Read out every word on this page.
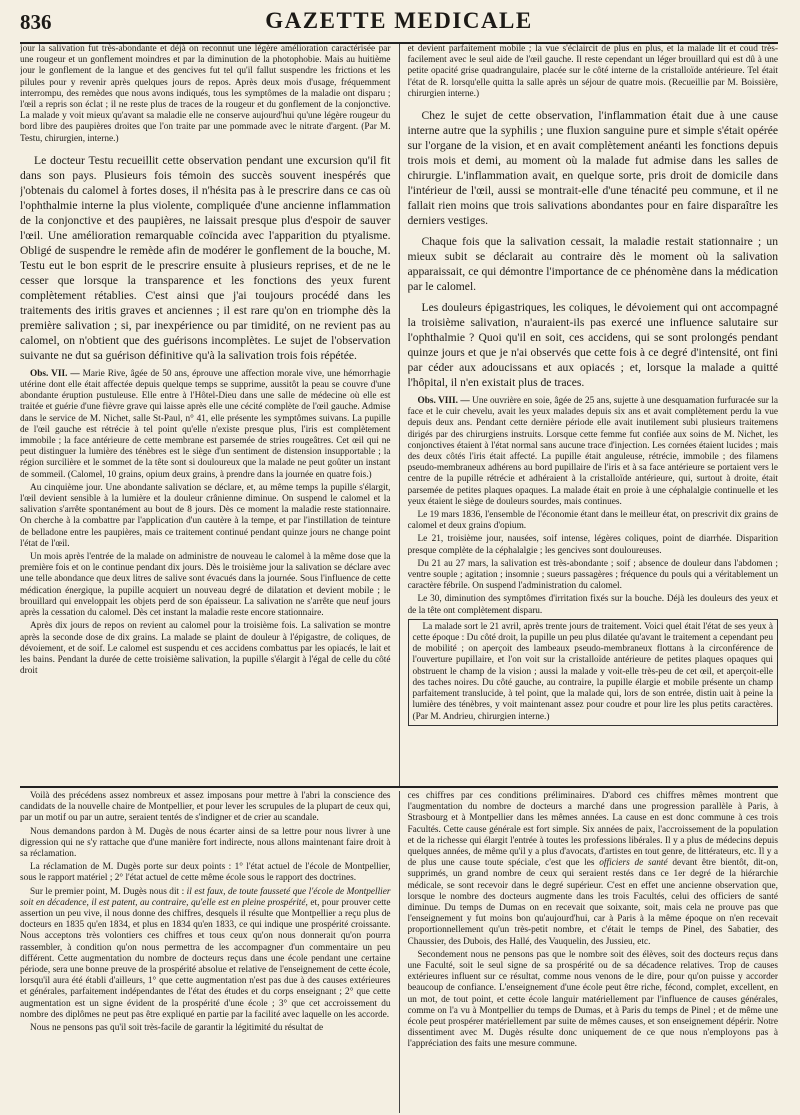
836	GAZETTE MEDICALE

jour la salivation fut très-abondante et déjà on reconnut une légère amélioration caractérisée par une rougeur et un gonflement moindres et par la diminution de la photophobie. Mais au huitième jour le gonflement de la langue et des gencives fut tel qu'il fallut suspendre les frictions et les pilules pour y revenir après quelques jours de repos. Après deux mois d'usage, fréquemment interrompu, des remèdes que nous avons indiqués, tous les symptômes de la maladie ont disparu ; l'œil a repris son éclat ; il ne reste plus de traces de la rougeur et du gonflement de la conjonctive. La malade y voit mieux qu'avant sa maladie elle ne conserve aujourd'hui qu'une légère rougeur du bord libre des paupières droites que l'on traite par une pommade avec le nitrate d'argent. (Par M. Testu, chirurgien, interne.)

Le docteur Testu recueillit cette observation pendant une excursion qu'il fit dans son pays. Plusieurs fois témoin des succès souvent inespérés que j'obtenais du calomel à fortes doses, il n'hésita pas à le prescrire dans ce cas où l'ophthalmie interne la plus violente, compliquée d'une ancienne inflammation de la conjonctive et des paupières, ne laissait presque plus d'espoir de sauver l'œil. Une amélioration remarquable coïncida avec l'apparition du ptyalisme. Obligé de suspendre le remède afin de modérer le gonflement de la bouche, M. Testu eut le bon esprit de le prescrire ensuite à plusieurs reprises, et de ne le cesser que lorsque la transparence et les fonctions des yeux furent complètement rétablies. C'est ainsi que j'ai toujours procédé dans les traitements des iritis graves et anciennes ; il est rare qu'on en triomphe dès la première salivation ; si, par inexpérience ou par timidité, on ne revient pas au calomel, on n'obtient que des guérisons incomplètes. Le sujet de l'observation suivante ne dut sa guérison définitive qu'à la salivation trois fois répétée.

Obs. VII. — Marie Rive, âgée de 50 ans, éprouve une affection morale vive, une hémorrhagie utérine dont elle était affectée depuis quelque temps se supprime, aussitôt la peau se couvre d'une abondante éruption pustuleuse. Elle entre à l'Hôtel-Dieu dans une salle de médecine où elle est traitée et guérie d'une fièvre grave qui laisse après elle une cécité complète de l'œil gauche. Admise dans le service de M. Nichet, salle St-Paul, n° 41, elle présente les symptômes suivans. La pupille de l'œil gauche est rétrécie à tel point qu'elle n'existe presque plus, l'iris est complètement immobile ; la face antérieure de cette membrane est parsemée de stries rougeâtres. Cet œil qui ne peut distinguer la lumière des ténèbres est le siège d'un sentiment de distension insupportable ; la région surcilière et le sommet de la tête sont si douloureux que la malade ne peut goûter un instant de sommeil. (Calomel, 10 grains, opium deux grains, à prendre dans la journée en quatre fois.)

Au cinquième jour. Une abondante salivation se déclare, et, au même temps la pupille s'élargit, l'œil devient sensible à la lumière et la douleur crânienne diminue. On suspend le calomel et la salivation s'arrête spontanément au bout de 8 jours. Dès ce moment la maladie reste stationnaire. On cherche à la combattre par l'application d'un cautère à la tempe, et par l'instillation de teinture de belladone entre les paupières, mais ce traitement continué pendant quinze jours ne change point l'état de l'œil.

Un mois après l'entrée de la malade on administre de nouveau le calomel à la même dose que la première fois et on le continue pendant dix jours. Dès le troisième jour la salivation se déclare avec une telle abondance que deux litres de salive sont évacués dans la journée. Sous l'influence de cette médication énergique, la pupille acquiert un nouveau degré de dilatation et devient mobile ; le brouillard qui enveloppait les objets perd de son épaisseur. La salivation ne s'arrête que neuf jours après la cessation du calomel. Dès cet instant la maladie reste encore stationnaire.

Après dix jours de repos on revient au calomel pour la troisième fois. La salivation se montre après la seconde dose de dix grains. La malade se plaint de douleur à l'épigastre, de coliques, de dévoiement, et de soif. Le calomel est suspendu et ces accidens combattus par les opiacés, le lait et les bains. Pendant la durée de cette troisième salivation, la pupille s'élargit à l'égal de celle du côté droit

et devient parfaitement mobile ; la vue s'éclaircit de plus en plus, et la malade lit et coud très-facilement avec le seul aide de l'œil gauche. Il reste cependant un léger brouillard qui est dû à une petite opacité grise quadrangulaire, placée sur le côté interne de la cristalloïde antérieure. Tel était l'état de R. lorsqu'elle quitta la salle après un séjour de quatre mois. (Recueillie par M. Boissière, chirurgien interne.)

Chez le sujet de cette observation, l'inflammation était due à une cause interne autre que la syphilis ; une fluxion sanguine pure et simple s'était opérée sur l'organe de la vision, et en avait complètement anéanti les fonctions depuis trois mois et demi, au moment où la malade fut admise dans les salles de chirurgie. L'inflammation avait, en quelque sorte, pris droit de domicile dans l'intérieur de l'œil, aussi se montrait-elle d'une ténacité peu commune, et il ne fallait rien moins que trois salivations abondantes pour en faire disparaître les derniers vestiges.

Chaque fois que la salivation cessait, la maladie restait stationnaire ; un mieux subit se déclarait au contraire dès le moment où la salivation apparaissait, ce qui démontre l'importance de ce phénomène dans la médication par le calomel.

Les douleurs épigastriques, les coliques, le dévoiement qui ont accompagné la troisième salivation, n'auraient-ils pas exercé une influence salutaire sur l'ophthalmie ? Quoi qu'il en soit, ces accidens, qui se sont prolongés pendant quinze jours et que je n'ai observés que cette fois à ce degré d'intensité, ont fini par céder aux adoucissans et aux opiacés ; et, lorsque la malade a quitté l'hôpital, il n'en existait plus de traces.

Obs. VIII. — Une ouvrière en soie, âgée de 25 ans, sujette à une desquamation furfuracée sur la face et le cuir chevelu, avait les yeux malades depuis six ans et avait complètement perdu la vue depuis deux ans. Pendant cette dernière période elle avait inutilement subi plusieurs traitemens dirigés par des chirurgiens instruits. Lorsque cette femme fut confiée aux soins de M. Nichet, les conjonctives étaient à l'état normal sans aucune trace d'injection. Les cornées étaient lucides ; mais des deux côtés l'iris était affecté. La pupille était anguleuse, rétrécie, immobile ; des filamens pseudo-membraneux adhérens au bord pupillaire de l'iris et à sa face antérieure se portaient vers le centre de la pupille rétrécie et adhéraient à la cristalloïde antérieure, qui, surtout à droite, était parsemée de petites plaques opaques. La malade était en proie à une céphalalgie continuelle et les yeux étaient le siège de douleurs sourdes, mais continues.

Le 19 mars 1836, l'ensemble de l'économie étant dans le meilleur état, on prescrivit dix grains de calomel et deux grains d'opium.

Le 21, troisième jour, nausées, soif intense, légères coliques, point de diarrhée. Disparition presque complète de la céphalalgie ; les gencives sont douloureuses.

Du 21 au 27 mars, la salivation est très-abondante ; soif ; absence de douleur dans l'abdomen ; ventre souple ; agitation ; insomnie ; sueurs passagères ; fréquence du pouls qui a véritablement un caractère fébrile. On suspend l'administration du calomel.

Le 30, diminution des symptômes d'irritation fixés sur la bouche. Déjà les douleurs des yeux et de la tête ont complètement disparu.

La malade sort le 21 avril, après trente jours de traitement. Voici quel était l'état de ses yeux à cette époque : Du côté droit, la pupille un peu plus dilatée qu'avant le traitement a cependant peu de mobilité ; on aperçoit des lambeaux pseudo-membraneux flottans à la circonférence de l'ouverture pupillaire, et l'on voit sur la cristalloïde antérieure de petites plaques opaques qui obstruent le champ de la vision ; aussi la malade y voit-elle très-peu de cet œil, et aperçoit-elle des taches noires. Du côté gauche, au contraire, la pupille élargie et mobile présente un champ parfaitement translucide, à tel point, que la malade qui, lors de son entrée, distin uait à peine la lumière des ténèbres, y voit maintenant assez pour coudre et pour lire les plus petits caractères. (Par M. Andrieu, chirurgien interne.)

Voilà des précédens assez nombreux et assez imposans pour mettre à l'abri la conscience des candidats de la nouvelle chaire de Montpellier, et pour lever les scrupules de la plupart de ceux qui, par un motif ou par un autre, seraient tentés de s'indigner et de crier au scandale.

Nous demandons pardon à M. Dugès de nous écarter ainsi de sa lettre pour nous livrer à une digression qui ne s'y rattache que d'une manière fort indirecte, nous allons maintenant faire droit à sa réclamation.

La réclamation de M. Dugès porte sur deux points : 1° l'état actuel de l'école de Montpellier, sous le rapport matériel ; 2° l'état actuel de cette même école sous le rapport des doctrines.

Sur le premier point, M. Dugès nous dit : il est faux, de toute fausseté que l'école de Montpellier soit en décadence, il est patent, au contraire, qu'elle est en pleine prospérité, et, pour prouver cette assertion un peu vive, il nous donne des chiffres, desquels il résulte que Montpellier a reçu plus de docteurs en 1835 qu'en 1834, et plus en 1834 qu'en 1833, ce qui indique une prospérité croissante. Nous acceptons très volontiers ces chiffres et tous ceux qu'on nous donnerait qu'on pourra rassembler, à condition qu'on nous permettra de les accompagner d'un commentaire un peu différent. Cette augmentation du nombre de docteurs reçus dans une école pendant une certaine période, sera une bonne preuve de la prospérité absolue et relative de l'enseignement de cette école, lorsqu'il aura été établi d'ailleurs, 1° que cette augmentation n'est pas due à des causes extérieures et générales, parfaitement indépendantes de l'état des études et du corps enseignant ; 2° que cette augmentation est un signe évident de la prospérité d'une école ; 3° que cet accroissement du nombre des diplômes ne peut pas être expliqué en partie par la facilité avec laquelle on les accorde.

Nous ne pensons pas qu'il soit très-facile de garantir la légitimité du résultat de

ces chiffres par ces conditions préliminaires. D'abord ces chiffres mêmes montrent que l'augmentation du nombre de docteurs a marché dans une progression parallèle à Paris, à Strasbourg et à Montpellier dans les mêmes années. La cause en est donc commune à ces trois Facultés. Cette cause générale est fort simple. Six années de paix, l'accroissement de la population et de la richesse qui élargit l'entrée à toutes les professions libérales. Il y a plus de médecins depuis quelques années, de même qu'il y a plus d'avocats, d'artistes en tout genre, de littérateurs, etc. Il y a de plus une cause toute spéciale, c'est que les officiers de santé devant être bientôt, dit-on, supprimés, un grand nombre de ceux qui seraient restés dans ce 1er degré de la hiérarchie médicale, se sont recevoir dans le degré supérieur. C'est en effet une ancienne observation que, lorsque le nombre des docteurs augmente dans les trois Facultés, celui des officiers de santé diminue. Du temps de Dumas on en recevait que soixante, soit, mais cela ne prouve pas que l'enseignement y fut moins bon qu'aujourd'hui, car à Paris à la même époque on n'en recevait proportionnellement qu'un très-petit nombre, et c'était le temps de Pinel, des Sabatier, des Chaussier, des Dubois, des Hallé, des Vauquelin, des Jussieu, etc.

Secondement nous ne pensons pas que le nombre soit des élèves, soit des docteurs reçus dans une Faculté, soit le seul signe de sa prospérité ou de sa décadence relatives. Trop de causes extérieures influent sur ce résultat, comme nous venons de le dire, pour qu'on puisse y accorder beaucoup de confiance. L'enseignement d'une école peut être riche, fécond, complet, excellent, en un mot, de tout point, et cette école languir matériellement par l'influence de causes générales, comme on l'a vu à Montpellier du temps de Dumas, et à Paris du temps de Pinel ; et de même une école peut prospérer matériellement par suite de mêmes causes, et son enseignement dépérir. Notre dissentiment avec M. Dugès résulte donc uniquement de ce que nous n'employons pas à l'appréciation des faits une mesure commune.
